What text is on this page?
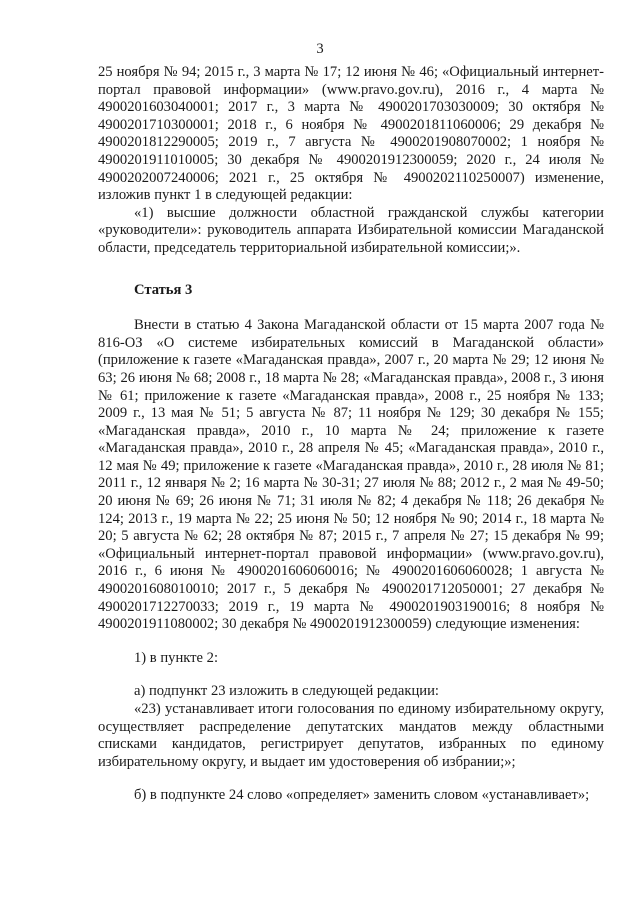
3

25 ноября № 94; 2015 г., 3 марта № 17; 12 июня № 46; «Официальный интернет-портал правовой информации» (www.pravo.gov.ru), 2016 г., 4 марта № 4900201603040001; 2017 г., 3 марта № 4900201703030009; 30 октября № 4900201710300001; 2018 г., 6 ноября № 4900201811060006; 29 декабря № 4900201812290005; 2019 г., 7 августа № 4900201908070002; 1 ноября № 4900201911010005; 30 декабря № 4900201912300059; 2020 г., 24 июля № 4900202007240006; 2021 г., 25 октября № 4900202110250007) изменение, изложив пункт 1 в следующей редакции:

«1) высшие должности областной гражданской службы категории «руководители»: руководитель аппарата Избирательной комиссии Магаданской области, председатель территориальной избирательной комиссии;».

Статья 3

Внести в статью 4 Закона Магаданской области от 15 марта 2007 года № 816-ОЗ «О системе избирательных комиссий в Магаданской области» (приложение к газете «Магаданская правда», 2007 г., 20 марта № 29; 12 июня № 63; 26 июня № 68; 2008 г., 18 марта № 28; «Магаданская правда», 2008 г., 3 июня № 61; приложение к газете «Магаданская правда», 2008 г., 25 ноября № 133; 2009 г., 13 мая № 51; 5 августа № 87; 11 ноября № 129; 30 декабря № 155; «Магаданская правда», 2010 г., 10 марта № 24; приложение к газете «Магаданская правда», 2010 г., 28 апреля № 45; «Магаданская правда», 2010 г., 12 мая № 49; приложение к газете «Магаданская правда», 2010 г., 28 июля № 81; 2011 г., 12 января № 2; 16 марта № 30-31; 27 июля № 88; 2012 г., 2 мая № 49-50; 20 июня № 69; 26 июня № 71; 31 июля № 82; 4 декабря № 118; 26 декабря № 124; 2013 г., 19 марта № 22; 25 июня № 50; 12 ноября № 90; 2014 г., 18 марта № 20; 5 августа № 62; 28 октября № 87; 2015 г., 7 апреля № 27; 15 декабря № 99; «Официальный интернет-портал правовой информации» (www.pravo.gov.ru), 2016 г., 6 июня № 4900201606060016; № 4900201606060028; 1 августа № 4900201608010010; 2017 г., 5 декабря № 4900201712050001; 27 декабря № 4900201712270033; 2019 г., 19 марта № 4900201903190016; 8 ноября № 4900201911080002; 30 декабря № 4900201912300059) следующие изменения:

1) в пункте 2:

а) подпункт 23 изложить в следующей редакции:

«23) устанавливает итоги голосования по единому избирательному округу, осуществляет распределение депутатских мандатов между областными списками кандидатов, регистрирует депутатов, избранных по единому избирательному округу, и выдает им удостоверения об избрании;»;

б) в подпункте 24 слово «определяет» заменить словом «устанавливает»;
